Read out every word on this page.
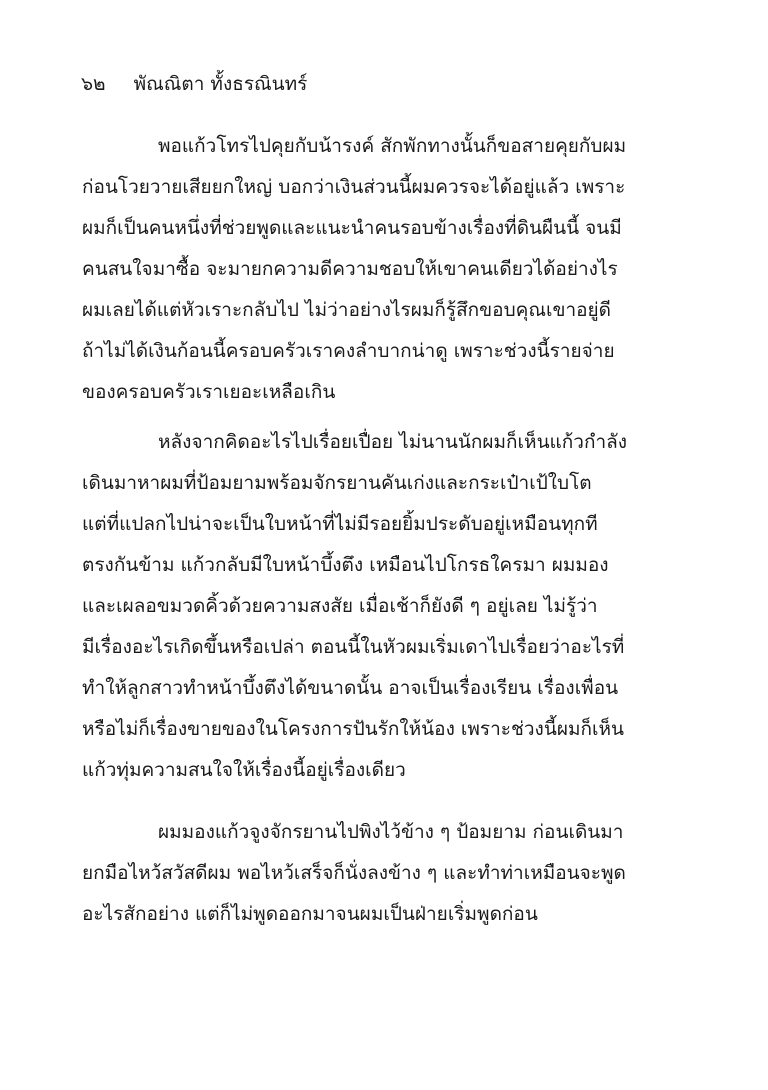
๖๒ พัณณิตา ทั้งธรณินทร์
พอแก้วโทรไปคุยกับน้ารงค์ สักพักทางนั้นก็ขอสายคุยกับผม
ก่อนโวยวายเสียยกใหญ่ บอกว่าเงินส่วนนี้ผมควรจะได้อยู่แล้ว เพราะ
ผมก็เป็นคนหนึ่งที่ช่วยพูดและแนะนำคนรอบข้างเรื่องที่ดินผืนนี้ จนมี
คนสนใจมาซื้อ จะมายกความดีความชอบให้เขาคนเดียวได้อย่างไร
ผมเลยได้แต่หัวเราะกลับไป ไม่ว่าอย่างไรผมก็รู้สึกขอบคุณเขาอยู่ดี
ถ้าไม่ได้เงินก้อนนี้ครอบครัวเราคงลำบากน่าดู เพราะช่วงนี้รายจ่าย
ของครอบครัวเราเยอะเหลือเกิน
หลังจากคิดอะไรไปเรื่อยเปื่อย ไม่นานนักผมก็เห็นแก้วกำลัง
เดินมาหาผมที่ป้อมยามพร้อมจักรยานคันเก่งและกระเป๋าเป้ใบโต
แต่ที่แปลกไปน่าจะเป็นใบหน้าที่ไม่มีรอยยิ้มประดับอยู่เหมือนทุกที
ตรงกันข้าม แก้วกลับมีใบหน้าบึ้งตึง เหมือนไปโกรธใครมา ผมมอง
และเผลอขมวดคิ้วด้วยความสงสัย เมื่อเช้าก็ยังดี ๆ อยู่เลย ไม่รู้ว่า
มีเรื่องอะไรเกิดขึ้นหรือเปล่า ตอนนี้ในหัวผมเริ่มเดาไปเรื่อยว่าอะไรที่
ทำให้ลูกสาวทำหน้าบึ้งตึงได้ขนาดนั้น อาจเป็นเรื่องเรียน เรื่องเพื่อน
หรือไม่ก็เรื่องขายของในโครงการปันรักให้น้อง เพราะช่วงนี้ผมก็เห็น
แก้วทุ่มความสนใจให้เรื่องนี้อยู่เรื่องเดียว
ผมมองแก้วจูงจักรยานไปพิงไว้ข้าง ๆ ป้อมยาม ก่อนเดินมา
ยกมือไหว้สวัสดีผม พอไหว้เสร็จก็นั่งลงข้าง ๆ และทำท่าเหมือนจะพูด
อะไรสักอย่าง แต่ก็ไม่พูดออกมาจนผมเป็นฝ่ายเริ่มพูดก่อน
